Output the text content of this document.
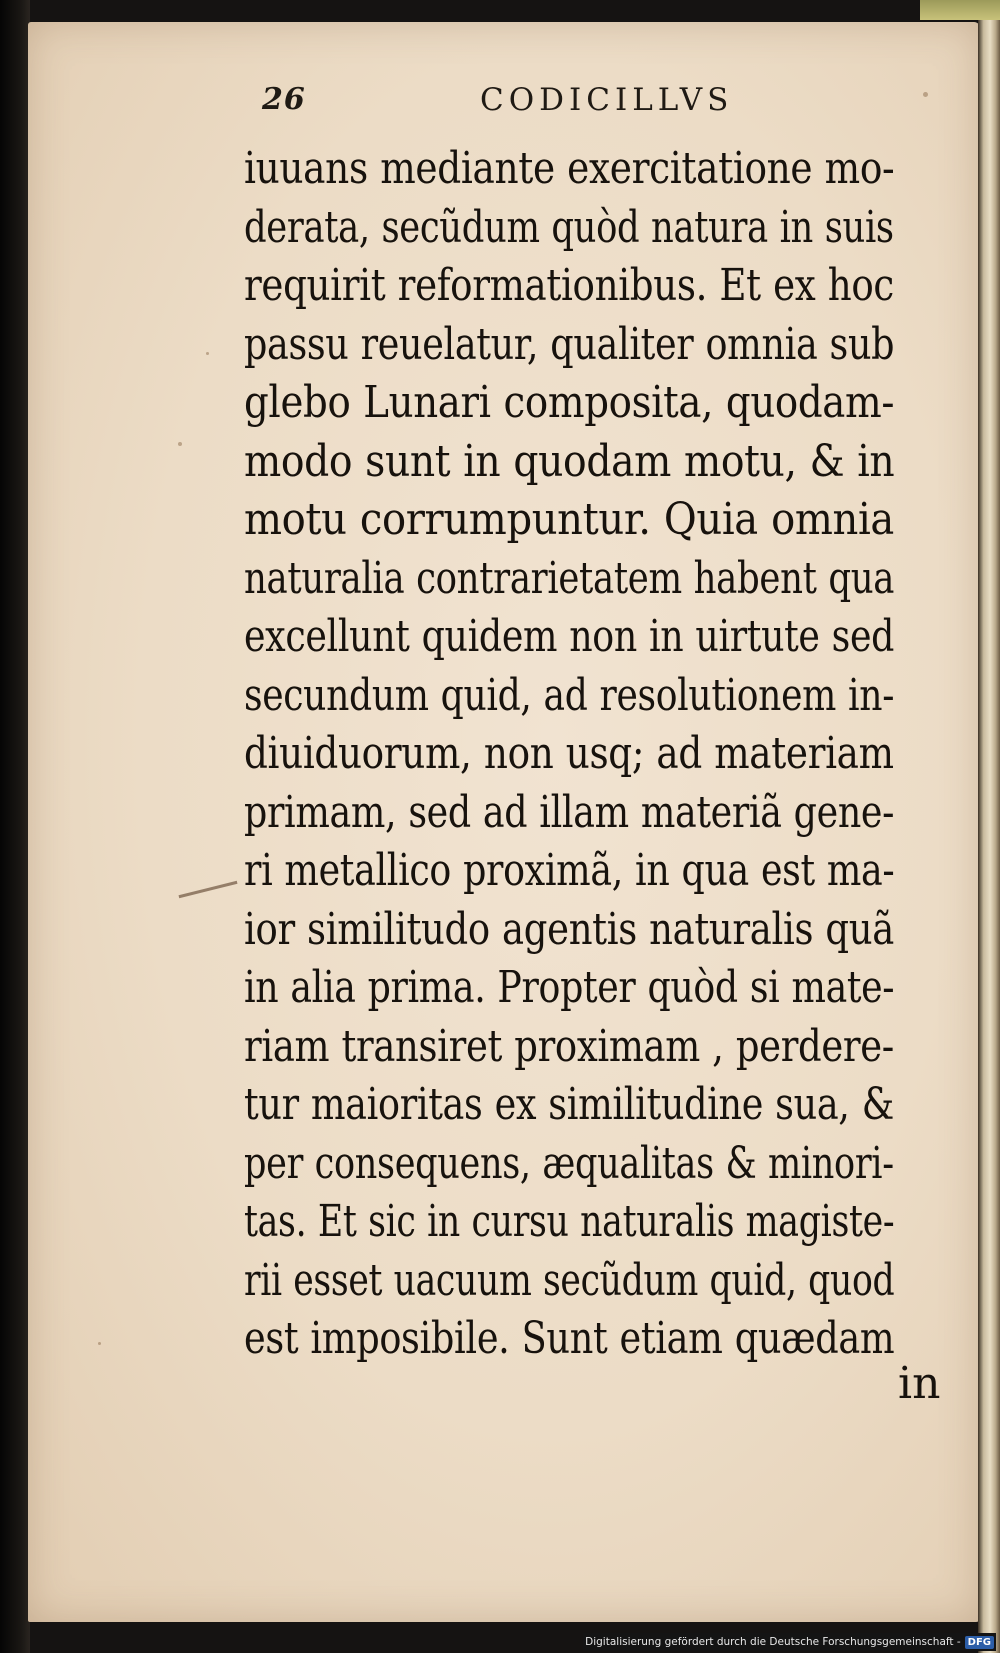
26	CODICILLVS
iuuans mediante exercitatione mo-
derata, secũdum quòd natura in suis
requirit reformationibus. Et ex hoc
passu reuelatur, qualiter omnia sub
glebo Lunari composita, quodam-
modo sunt in quodam motu, & in
motu corrumpuntur. Quia omnia
naturalia contrarietatem habent qua
excellunt quidem non in uirtute sed
secundum quid, ad resolutionem in-
diuiduorum, non usq; ad materiam
primam, sed ad illam materiã gene-
ri metallico proximã, in qua est ma-
ior similitudo agentis naturalis quã
in alia prima. Propter quòd si mate-
riam transiret proximam , perdere-
tur maioritas ex similitudine sua, &
per consequens, æqualitas & minori-
tas. Et sic in cursu naturalis magiste-
rii esset uacuum secũdum quid, quod
est imposibile. Sunt etiam quædam
in
Digitalisierung gefördert durch die Deutsche Forschungsgemeinschaft - DFG
